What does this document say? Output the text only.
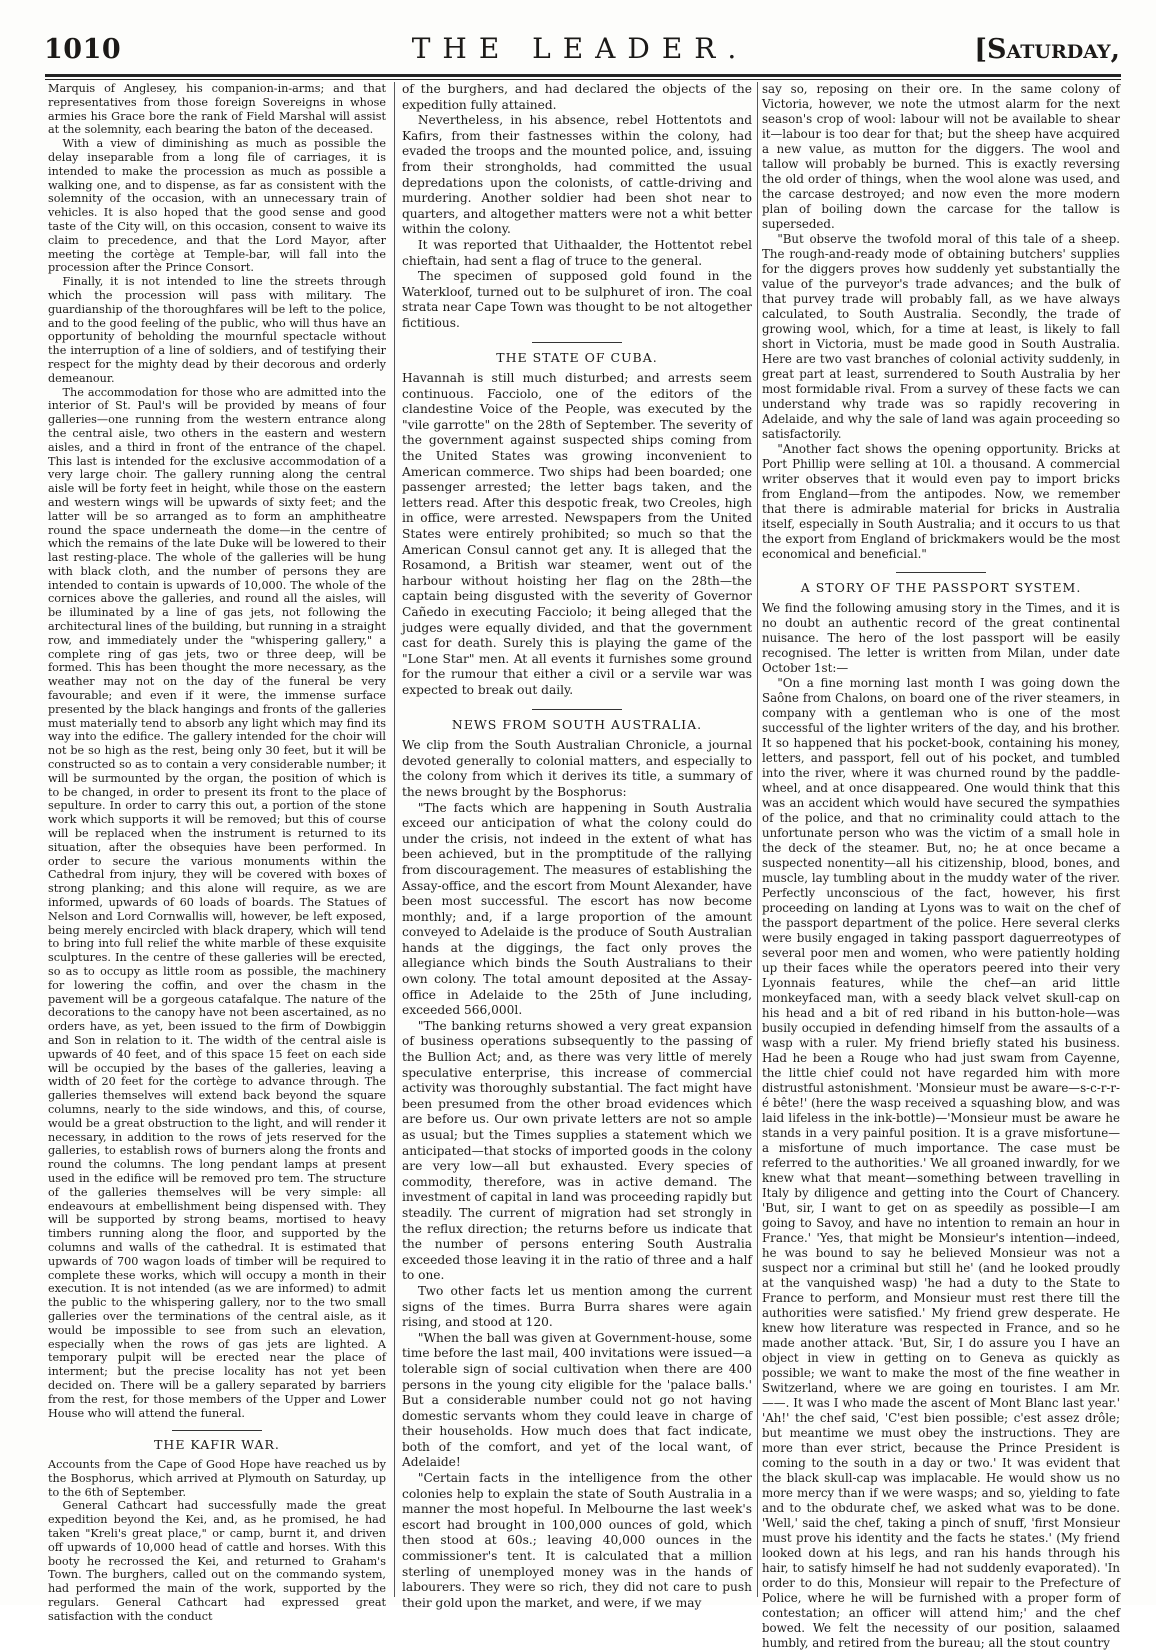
1010	THE LEADER.	[Saturday,

Marquis of Anglesey, his companion-in-arms; and that representatives from those foreign Sovereigns in whose armies his Grace bore the rank of Field Marshal will assist at the solemnity, each bearing the baton of the deceased.

With a view of diminishing as much as possible the delay inseparable from a long file of carriages, it is intended to make the procession as much as possible a walking one, and to dispense, as far as consistent with the solemnity of the occasion, with an unnecessary train of vehicles. It is also hoped that the good sense and good taste of the City will, on this occasion, consent to waive its claim to precedence, and that the Lord Mayor, after meeting the cortège at Temple-bar, will fall into the procession after the Prince Consort.

Finally, it is not intended to line the streets through which the procession will pass with military. The guardianship of the thoroughfares will be left to the police, and to the good feeling of the public, who will thus have an opportunity of beholding the mournful spectacle without the interruption of a line of soldiers, and of testifying their respect for the mighty dead by their decorous and orderly demeanour.

The accommodation for those who are admitted into the interior of St. Paul's will be provided by means of four galleries—one running from the western entrance along the central aisle, two others in the eastern and western aisles, and a third in front of the entrance of the chapel. This last is intended for the exclusive accommodation of a very large choir. The gallery running along the central aisle will be forty feet in height, while those on the eastern and western wings will be upwards of sixty feet; and the latter will be so arranged as to form an amphitheatre round the space underneath the dome—in the centre of which the remains of the late Duke will be lowered to their last resting-place. The whole of the galleries will be hung with black cloth, and the number of persons they are intended to contain is upwards of 10,000. The whole of the cornices above the galleries, and round all the aisles, will be illuminated by a line of gas jets, not following the architectural lines of the building, but running in a straight row, and immediately under the "whispering gallery," a complete ring of gas jets, two or three deep, will be formed. This has been thought the more necessary, as the weather may not on the day of the funeral be very favourable; and even if it were, the immense surface presented by the black hangings and fronts of the galleries must materially tend to absorb any light which may find its way into the edifice. The gallery intended for the choir will not be so high as the rest, being only 30 feet, but it will be constructed so as to contain a very considerable number; it will be surmounted by the organ, the position of which is to be changed, in order to present its front to the place of sepulture. In order to carry this out, a portion of the stone work which supports it will be removed; but this of course will be replaced when the instrument is returned to its situation, after the obsequies have been performed. In order to secure the various monuments within the Cathedral from injury, they will be covered with boxes of strong planking; and this alone will require, as we are informed, upwards of 60 loads of boards. The Statues of Nelson and Lord Cornwallis will, however, be left exposed, being merely encircled with black drapery, which will tend to bring into full relief the white marble of these exquisite sculptures. In the centre of these galleries will be erected, so as to occupy as little room as possible, the machinery for lowering the coffin, and over the chasm in the pavement will be a gorgeous catafalque. The nature of the decorations to the canopy have not been ascertained, as no orders have, as yet, been issued to the firm of Dowbiggin and Son in relation to it. The width of the central aisle is upwards of 40 feet, and of this space 15 feet on each side will be occupied by the bases of the galleries, leaving a width of 20 feet for the cortège to advance through. The galleries themselves will extend back beyond the square columns, nearly to the side windows, and this, of course, would be a great obstruction to the light, and will render it necessary, in addition to the rows of jets reserved for the galleries, to establish rows of burners along the fronts and round the columns. The long pendant lamps at present used in the edifice will be removed pro tem. The structure of the galleries themselves will be very simple: all endeavours at embellishment being dispensed with. They will be supported by strong beams, mortised to heavy timbers running along the floor, and supported by the columns and walls of the cathedral. It is estimated that upwards of 700 wagon loads of timber will be required to complete these works, which will occupy a month in their execution. It is not intended (as we are informed) to admit the public to the whispering gallery, nor to the two small galleries over the terminations of the central aisle, as it would be impossible to see from such an elevation, especially when the rows of gas jets are lighted. A temporary pulpit will be erected near the place of interment; but the precise locality has not yet been decided on. There will be a gallery separated by barriers from the rest, for those members of the Upper and Lower House who will attend the funeral.

THE KAFIR WAR.

Accounts from the Cape of Good Hope have reached us by the Bosphorus, which arrived at Plymouth on Saturday, up to the 6th of September.

General Cathcart had successfully made the great expedition beyond the Kei, and, as he promised, he had taken "Kreli's great place," or camp, burnt it, and driven off upwards of 10,000 head of cattle and horses. With this booty he recrossed the Kei, and returned to Graham's Town. The burghers, called out on the commando system, had performed the main of the work, supported by the regulars. General Cathcart had expressed great satisfaction with the conduct

of the burghers, and had declared the objects of the expedition fully attained.

Nevertheless, in his absence, rebel Hottentots and Kafirs, from their fastnesses within the colony, had evaded the troops and the mounted police, and, issuing from their strongholds, had committed the usual depredations upon the colonists, of cattle-driving and murdering. Another soldier had been shot near to quarters, and altogether matters were not a whit better within the colony.

It was reported that Uithaalder, the Hottentot rebel chieftain, had sent a flag of truce to the general.

The specimen of supposed gold found in the Waterkloof, turned out to be sulphuret of iron. The coal strata near Cape Town was thought to be not altogether fictitious.

THE STATE OF CUBA.

Havannah is still much disturbed; and arrests seem continuous. Facciolo, one of the editors of the clandestine Voice of the People, was executed by the "vile garrotte" on the 28th of September. The severity of the government against suspected ships coming from the United States was growing inconvenient to American commerce. Two ships had been boarded; one passenger arrested; the letter bags taken, and the letters read. After this despotic freak, two Creoles, high in office, were arrested. Newspapers from the United States were entirely prohibited; so much so that the American Consul cannot get any. It is alleged that the Rosamond, a British war steamer, went out of the harbour without hoisting her flag on the 28th—the captain being disgusted with the severity of Governor Cañedo in executing Facciolo; it being alleged that the judges were equally divided, and that the government cast for death. Surely this is playing the game of the "Lone Star" men. At all events it furnishes some ground for the rumour that either a civil or a servile war was expected to break out daily.

NEWS FROM SOUTH AUSTRALIA.

We clip from the South Australian Chronicle, a journal devoted generally to colonial matters, and especially to the colony from which it derives its title, a summary of the news brought by the Bosphorus:

"The facts which are happening in South Australia exceed our anticipation of what the colony could do under the crisis, not indeed in the extent of what has been achieved, but in the promptitude of the rallying from discouragement. The measures of establishing the Assay-office, and the escort from Mount Alexander, have been most successful. The escort has now become monthly; and, if a large proportion of the amount conveyed to Adelaide is the produce of South Australian hands at the diggings, the fact only proves the allegiance which binds the South Australians to their own colony. The total amount deposited at the Assay-office in Adelaide to the 25th of June including, exceeded 566,000l.

"The banking returns showed a very great expansion of business operations subsequently to the passing of the Bullion Act; and, as there was very little of merely speculative enterprise, this increase of commercial activity was thoroughly substantial. The fact might have been presumed from the other broad evidences which are before us. Our own private letters are not so ample as usual; but the Times supplies a statement which we anticipated—that stocks of imported goods in the colony are very low—all but exhausted. Every species of commodity, therefore, was in active demand. The investment of capital in land was proceeding rapidly but steadily. The current of migration had set strongly in the reflux direction; the returns before us indicate that the number of persons entering South Australia exceeded those leaving it in the ratio of three and a half to one.

Two other facts let us mention among the current signs of the times. Burra Burra shares were again rising, and stood at 120.

"When the ball was given at Government-house, some time before the last mail, 400 invitations were issued—a tolerable sign of social cultivation when there are 400 persons in the young city eligible for the 'palace balls.' But a considerable number could not go not having domestic servants whom they could leave in charge of their households. How much does that fact indicate, both of the comfort, and yet of the local want, of Adelaide!

"Certain facts in the intelligence from the other colonies help to explain the state of South Australia in a manner the most hopeful. In Melbourne the last week's escort had brought in 100,000 ounces of gold, which then stood at 60s.; leaving 40,000 ounces in the commissioner's tent. It is calculated that a million sterling of unemployed money was in the hands of labourers. They were so rich, they did not care to push their gold upon the market, and were, if we may

say so, reposing on their ore. In the same colony of Victoria, however, we note the utmost alarm for the next season's crop of wool: labour will not be available to shear it—labour is too dear for that; but the sheep have acquired a new value, as mutton for the diggers. The wool and tallow will probably be burned. This is exactly reversing the old order of things, when the wool alone was used, and the carcase destroyed; and now even the more modern plan of boiling down the carcase for the tallow is superseded.

"But observe the twofold moral of this tale of a sheep. The rough-and-ready mode of obtaining butchers' supplies for the diggers proves how suddenly yet substantially the value of the purveyor's trade advances; and the bulk of that purvey trade will probably fall, as we have always calculated, to South Australia. Secondly, the trade of growing wool, which, for a time at least, is likely to fall short in Victoria, must be made good in South Australia. Here are two vast branches of colonial activity suddenly, in great part at least, surrendered to South Australia by her most formidable rival. From a survey of these facts we can understand why trade was so rapidly recovering in Adelaide, and why the sale of land was again proceeding so satisfactorily.

"Another fact shows the opening opportunity. Bricks at Port Phillip were selling at 10l. a thousand. A commercial writer observes that it would even pay to import bricks from England—from the antipodes. Now, we remember that there is admirable material for bricks in Australia itself, especially in South Australia; and it occurs to us that the export from England of brickmakers would be the most economical and beneficial."

A STORY OF THE PASSPORT SYSTEM.

We find the following amusing story in the Times, and it is no doubt an authentic record of the great continental nuisance. The hero of the lost passport will be easily recognised. The letter is written from Milan, under date October 1st:—

"On a fine morning last month I was going down the Saône from Chalons, on board one of the river steamers, in company with a gentleman who is one of the most successful of the lighter writers of the day, and his brother. It so happened that his pocket-book, containing his money, letters, and passport, fell out of his pocket, and tumbled into the river, where it was churned round by the paddle-wheel, and at once disappeared. One would think that this was an accident which would have secured the sympathies of the police, and that no criminality could attach to the unfortunate person who was the victim of a small hole in the deck of the steamer. But, no; he at once became a suspected nonentity—all his citizenship, blood, bones, and muscle, lay tumbling about in the muddy water of the river. Perfectly unconscious of the fact, however, his first proceeding on landing at Lyons was to wait on the chef of the passport department of the police. Here several clerks were busily engaged in taking passport daguerreotypes of several poor men and women, who were patiently holding up their faces while the operators peered into their very Lyonnais features, while the chef—an arid little monkeyfaced man, with a seedy black velvet skull-cap on his head and a bit of red riband in his button-hole—was busily occupied in defending himself from the assaults of a wasp with a ruler. My friend briefly stated his business. Had he been a Rouge who had just swam from Cayenne, the little chief could not have regarded him with more distrustful astonishment. 'Monsieur must be aware—s-c-r-r-é bête!' (here the wasp received a squashing blow, and was laid lifeless in the ink-bottle)—'Monsieur must be aware he stands in a very painful position. It is a grave misfortune—a misfortune of much importance. The case must be referred to the authorities.' We all groaned inwardly, for we knew what that meant—something between travelling in Italy by diligence and getting into the Court of Chancery. 'But, sir, I want to get on as speedily as possible—I am going to Savoy, and have no intention to remain an hour in France.' 'Yes, that might be Monsieur's intention—indeed, he was bound to say he believed Monsieur was not a suspect nor a criminal but still he' (and he looked proudly at the vanquished wasp) 'he had a duty to the State to France to perform, and Monsieur must rest there till the authorities were satisfied.' My friend grew desperate. He knew how literature was respected in France, and so he made another attack. 'But, Sir, I do assure you I have an object in view in getting on to Geneva as quickly as possible; we want to make the most of the fine weather in Switzerland, where we are going en touristes. I am Mr. ——. It was I who made the ascent of Mont Blanc last year.' 'Ah!' the chef said, 'C'est bien possible; c'est assez drôle; but meantime we must obey the instructions. They are more than ever strict, because the Prince President is coming to the south in a day or two.' It was evident that the black skull-cap was implacable. He would show us no more mercy than if we were wasps; and so, yielding to fate and to the obdurate chef, we asked what was to be done. 'Well,' said the chef, taking a pinch of snuff, 'first Monsieur must prove his identity and the facts he states.' (My friend looked down at his legs, and ran his hands through his hair, to satisfy himself he had not suddenly evaporated). 'In order to do this, Monsieur will repair to the Prefecture of Police, where he will be furnished with a proper form of contestation; an officer will attend him;' and the chef bowed. We felt the necessity of our position, salaamed humbly, and retired from the bureau; all the stout country
